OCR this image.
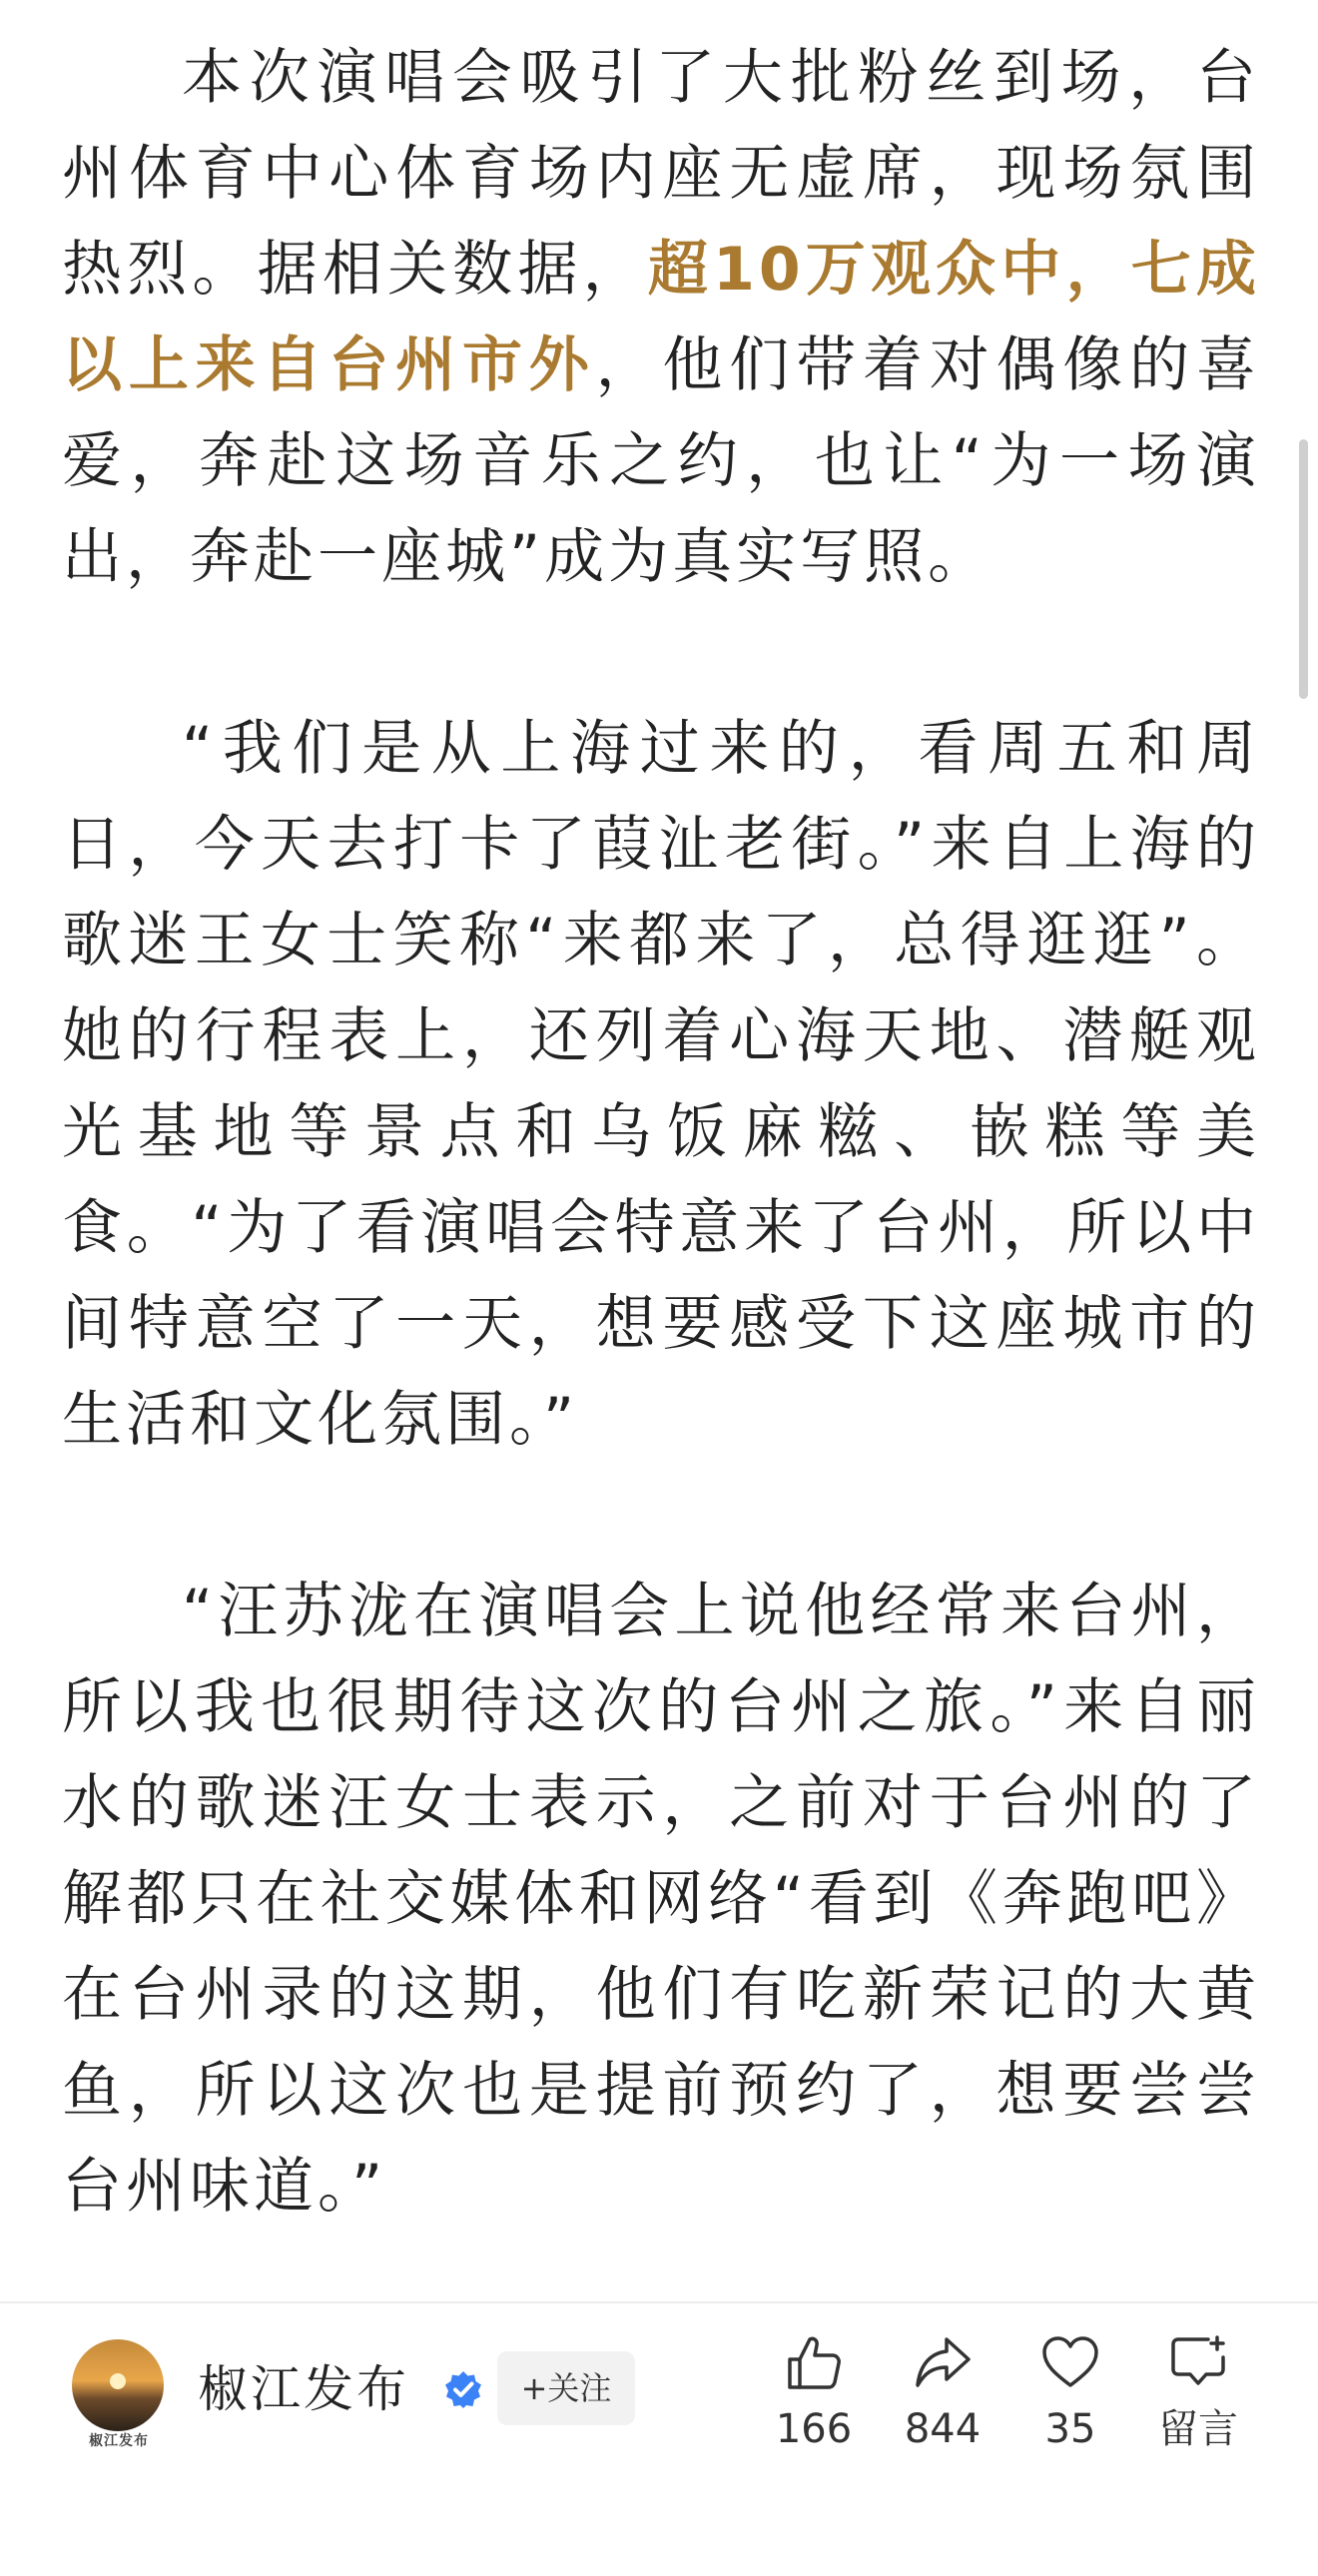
本次演唱会吸引了大批粉丝到场，台州体育中心体育场内座无虚席，现场氛围热烈。据相关数据，超10万观众中，七成以上来自台州市外，他们带着对偶像的喜爱，奔赴这场音乐之约，也让“为一场演出，奔赴一座城”成为真实写照。

“我们是从上海过来的，看周五和周日，今天去打卡了葭沚老街。”来自上海的歌迷王女士笑称“来都来了，总得逛逛”。她的行程表上，还列着心海天地、潜艇观光基地等景点和乌饭麻糍、嵌糕等美食。“为了看演唱会特意来了台州，所以中间特意空了一天，想要感受下这座城市的生活和文化氛围。”

“汪苏泷在演唱会上说他经常来台州，所以我也很期待这次的台州之旅。”来自丽水的歌迷汪女士表示，之前对于台州的了解都只在社交媒体和网络“看到《奔跑吧》在台州录的这期，他们有吃新荣记的大黄鱼，所以这次也是提前预约了，想要尝尝台州味道。”

椒江发布
椒江发布	+关注
166	844	35	留言
